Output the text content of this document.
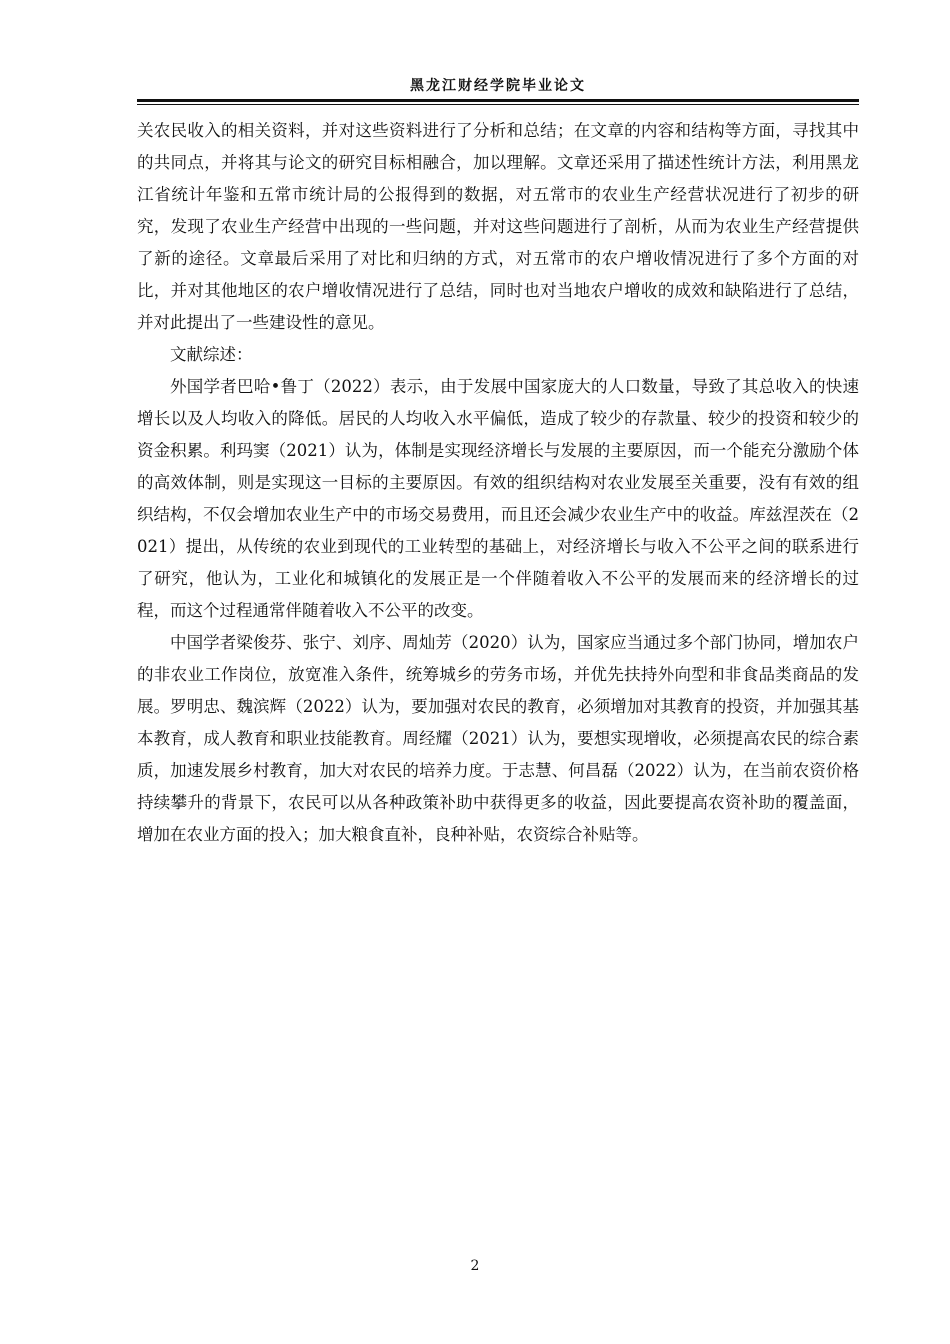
黑龙江财经学院毕业论文

关农民收入的相关资料，并对这些资料进行了分析和总结；在文章的内容和结构等方面，寻找其中的共同点，并将其与论文的研究目标相融合，加以理解。文章还采用了描述性统计方法，利用黑龙江省统计年鉴和五常市统计局的公报得到的数据，对五常市的农业生产经营状况进行了初步的研究，发现了农业生产经营中出现的一些问题，并对这些问题进行了剖析，从而为农业生产经营提供了新的途径。文章最后采用了对比和归纳的方式，对五常市的农户增收情况进行了多个方面的对比，并对其他地区的农户增收情况进行了总结，同时也对当地农户增收的成效和缺陷进行了总结，并对此提出了一些建设性的意见。

文献综述：

外国学者巴哈•鲁丁（2022）表示，由于发展中国家庞大的人口数量，导致了其总收入的快速增长以及人均收入的降低。居民的人均收入水平偏低，造成了较少的存款量、较少的投资和较少的资金积累。利玛窦（2021）认为，体制是实现经济增长与发展的主要原因，而一个能充分激励个体的高效体制，则是实现这一目标的主要原因。有效的组织结构对农业发展至关重要，没有有效的组织结构，不仅会增加农业生产中的市场交易费用，而且还会减少农业生产中的收益。库兹涅茨在（2021）提出，从传统的农业到现代的工业转型的基础上，对经济增长与收入不公平之间的联系进行了研究，他认为，工业化和城镇化的发展正是一个伴随着收入不公平的发展而来的经济增长的过程，而这个过程通常伴随着收入不公平的改变。

中国学者梁俊芬、张宁、刘序、周灿芳（2020）认为，国家应当通过多个部门协同，增加农户的非农业工作岗位，放宽准入条件，统筹城乡的劳务市场，并优先扶持外向型和非食品类商品的发展。罗明忠、魏滨辉（2022）认为，要加强对农民的教育，必须增加对其教育的投资，并加强其基本教育，成人教育和职业技能教育。周经耀（2021）认为，要想实现增收，必须提高农民的综合素质，加速发展乡村教育，加大对农民的培养力度。于志慧、何昌磊（2022）认为，在当前农资价格持续攀升的背景下，农民可以从各种政策补助中获得更多的收益，因此要提高农资补助的覆盖面，增加在农业方面的投入；加大粮食直补，良种补贴，农资综合补贴等。

2
